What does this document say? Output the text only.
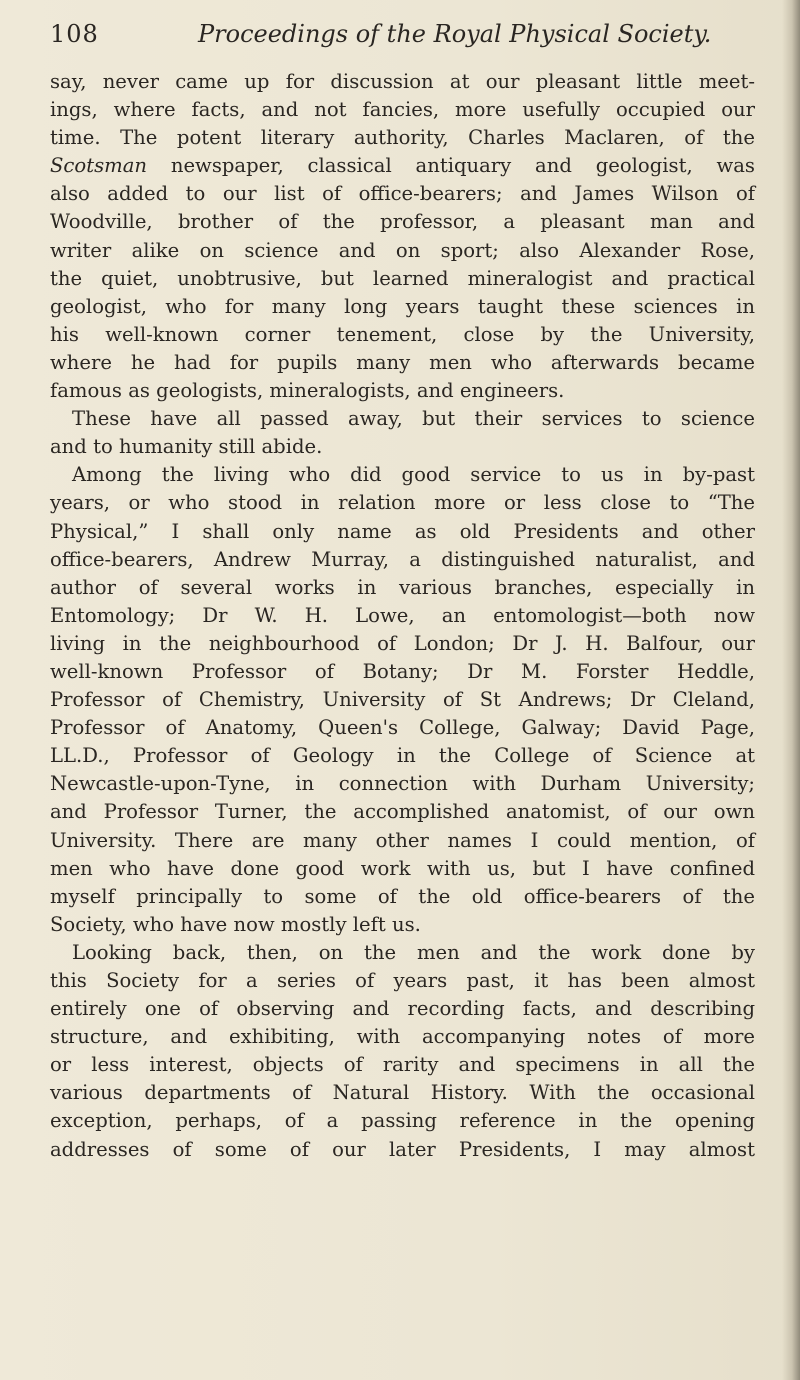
108	Proceedings of the Royal Physical Society.
say, never came up for discussion at our pleasant little meet-
ings, where facts, and not fancies, more usefully occupied our
time. The potent literary authority, Charles Maclaren, of the
Scotsman newspaper, classical antiquary and geologist, was
also added to our list of office-bearers; and James Wilson of
Woodville, brother of the professor, a pleasant man and
writer alike on science and on sport; also Alexander Rose,
the quiet, unobtrusive, but learned mineralogist and practical
geologist, who for many long years taught these sciences in
his well-known corner tenement, close by the University,
where he had for pupils many men who afterwards became
famous as geologists, mineralogists, and engineers.
These have all passed away, but their services to science
and to humanity still abide.
Among the living who did good service to us in by-past
years, or who stood in relation more or less close to “The
Physical,” I shall only name as old Presidents and other
office-bearers, Andrew Murray, a distinguished naturalist, and
author of several works in various branches, especially in
Entomology; Dr W. H. Lowe, an entomologist—both now
living in the neighbourhood of London; Dr J. H. Balfour, our
well-known Professor of Botany; Dr M. Forster Heddle,
Professor of Chemistry, University of St Andrews; Dr Cleland,
Professor of Anatomy, Queen's College, Galway; David Page,
LL.D., Professor of Geology in the College of Science at
Newcastle-upon-Tyne, in connection with Durham University;
and Professor Turner, the accomplished anatomist, of our own
University. There are many other names I could mention, of
men who have done good work with us, but I have confined
myself principally to some of the old office-bearers of the
Society, who have now mostly left us.
Looking back, then, on the men and the work done by
this Society for a series of years past, it has been almost
entirely one of observing and recording facts, and describing
structure, and exhibiting, with accompanying notes of more
or less interest, objects of rarity and specimens in all the
various departments of Natural History. With the occasional
exception, perhaps, of a passing reference in the opening
addresses of some of our later Presidents, I may almost
